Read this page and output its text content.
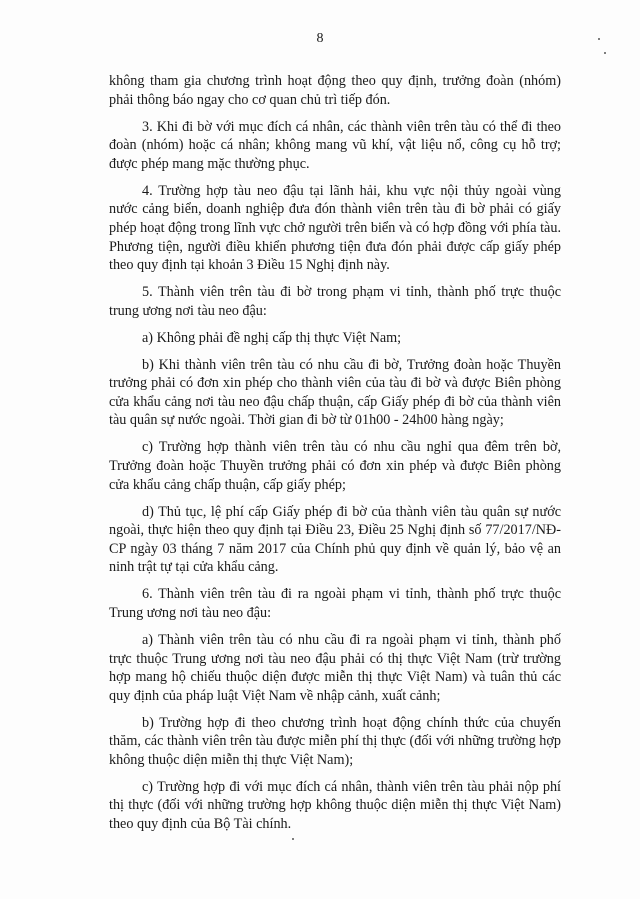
8

không tham gia chương trình hoạt động theo quy định, trưởng đoàn (nhóm) phải thông báo ngay cho cơ quan chủ trì tiếp đón.

3. Khi đi bờ với mục đích cá nhân, các thành viên trên tàu có thể đi theo đoàn (nhóm) hoặc cá nhân; không mang vũ khí, vật liệu nổ, công cụ hỗ trợ; được phép mang mặc thường phục.

4. Trường hợp tàu neo đậu tại lãnh hải, khu vực nội thủy ngoài vùng nước cảng biển, doanh nghiệp đưa đón thành viên trên tàu đi bờ phải có giấy phép hoạt động trong lĩnh vực chở người trên biển và có hợp đồng với phía tàu. Phương tiện, người điều khiển phương tiện đưa đón phải được cấp giấy phép theo quy định tại khoản 3 Điều 15 Nghị định này.

5. Thành viên trên tàu đi bờ trong phạm vi tỉnh, thành phố trực thuộc trung ương nơi tàu neo đậu:

a) Không phải đề nghị cấp thị thực Việt Nam;

b) Khi thành viên trên tàu có nhu cầu đi bờ, Trưởng đoàn hoặc Thuyền trưởng phải có đơn xin phép cho thành viên của tàu đi bờ và được Biên phòng cửa khẩu cảng nơi tàu neo đậu chấp thuận, cấp Giấy phép đi bờ của thành viên tàu quân sự nước ngoài. Thời gian đi bờ từ 01h00 - 24h00 hàng ngày;

c) Trường hợp thành viên trên tàu có nhu cầu nghỉ qua đêm trên bờ, Trưởng đoàn hoặc Thuyền trưởng phải có đơn xin phép và được Biên phòng cửa khẩu cảng chấp thuận, cấp giấy phép;

d) Thủ tục, lệ phí cấp Giấy phép đi bờ của thành viên tàu quân sự nước ngoài, thực hiện theo quy định tại Điều 23, Điều 25 Nghị định số 77/2017/NĐ-CP ngày 03 tháng 7 năm 2017 của Chính phủ quy định về quản lý, bảo vệ an ninh trật tự tại cửa khẩu cảng.

6. Thành viên trên tàu đi ra ngoài phạm vi tỉnh, thành phố trực thuộc Trung ương nơi tàu neo đậu:

a) Thành viên trên tàu có nhu cầu đi ra ngoài phạm vi tỉnh, thành phố trực thuộc Trung ương nơi tàu neo đậu phải có thị thực Việt Nam (trừ trường hợp mang hộ chiếu thuộc diện được miễn thị thực Việt Nam) và tuân thủ các quy định của pháp luật Việt Nam về nhập cảnh, xuất cảnh;

b) Trường hợp đi theo chương trình hoạt động chính thức của chuyến thăm, các thành viên trên tàu được miễn phí thị thực (đối với những trường hợp không thuộc diện miễn thị thực Việt Nam);

c) Trường hợp đi với mục đích cá nhân, thành viên trên tàu phải nộp phí thị thực (đối với những trường hợp không thuộc diện miễn thị thực Việt Nam) theo quy định của Bộ Tài chính.
